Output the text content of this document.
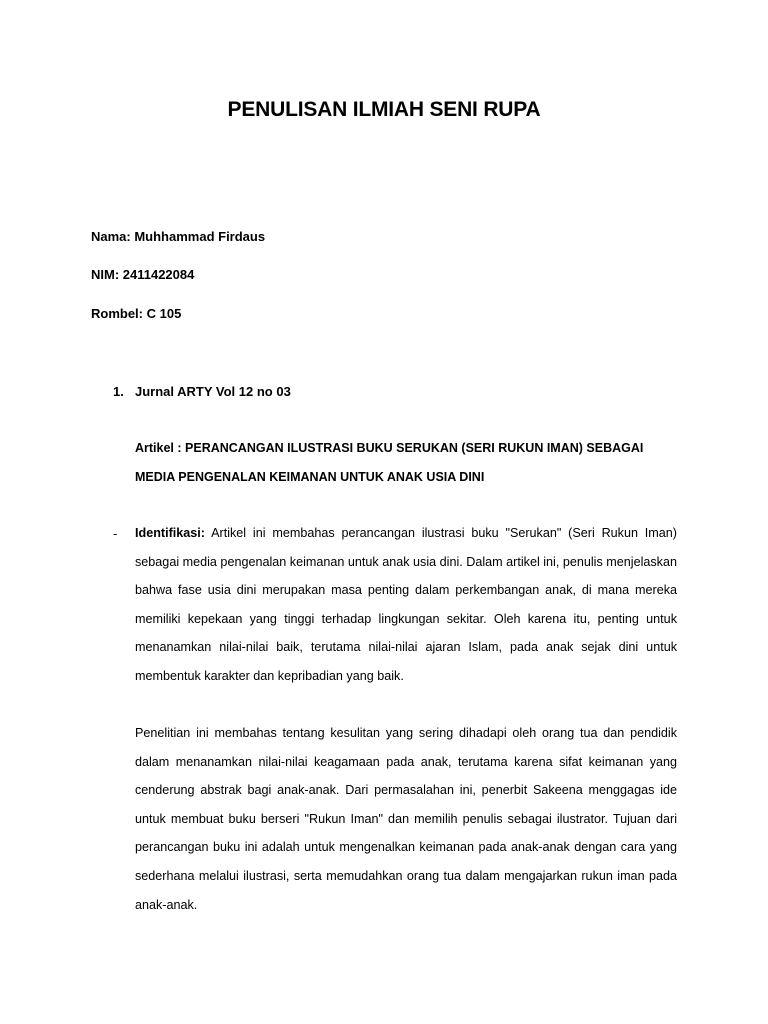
PENULISAN ILMIAH SENI RUPA
Nama: Muhhammad Firdaus
NIM: 2411422084
Rombel: C 105
1. Jurnal ARTY Vol 12 no 03

Artikel : PERANCANGAN ILUSTRASI BUKU SERUKAN (SERI RUKUN IMAN) SEBAGAI MEDIA PENGENALAN KEIMANAN UNTUK ANAK USIA DINI

- Identifikasi: Artikel ini membahas perancangan ilustrasi buku "Serukan" (Seri Rukun Iman) sebagai media pengenalan keimanan untuk anak usia dini. Dalam artikel ini, penulis menjelaskan bahwa fase usia dini merupakan masa penting dalam perkembangan anak, di mana mereka memiliki kepekaan yang tinggi terhadap lingkungan sekitar. Oleh karena itu, penting untuk menanamkan nilai-nilai baik, terutama nilai-nilai ajaran Islam, pada anak sejak dini untuk membentuk karakter dan kepribadian yang baik.

Penelitian ini membahas tentang kesulitan yang sering dihadapi oleh orang tua dan pendidik dalam menanamkan nilai-nilai keagamaan pada anak, terutama karena sifat keimanan yang cenderung abstrak bagi anak-anak. Dari permasalahan ini, penerbit Sakeena menggagas ide untuk membuat buku berseri "Rukun Iman" dan memilih penulis sebagai ilustrator. Tujuan dari perancangan buku ini adalah untuk mengenalkan keimanan pada anak-anak dengan cara yang sederhana melalui ilustrasi, serta memudahkan orang tua dalam mengajarkan rukun iman pada anak-anak.
